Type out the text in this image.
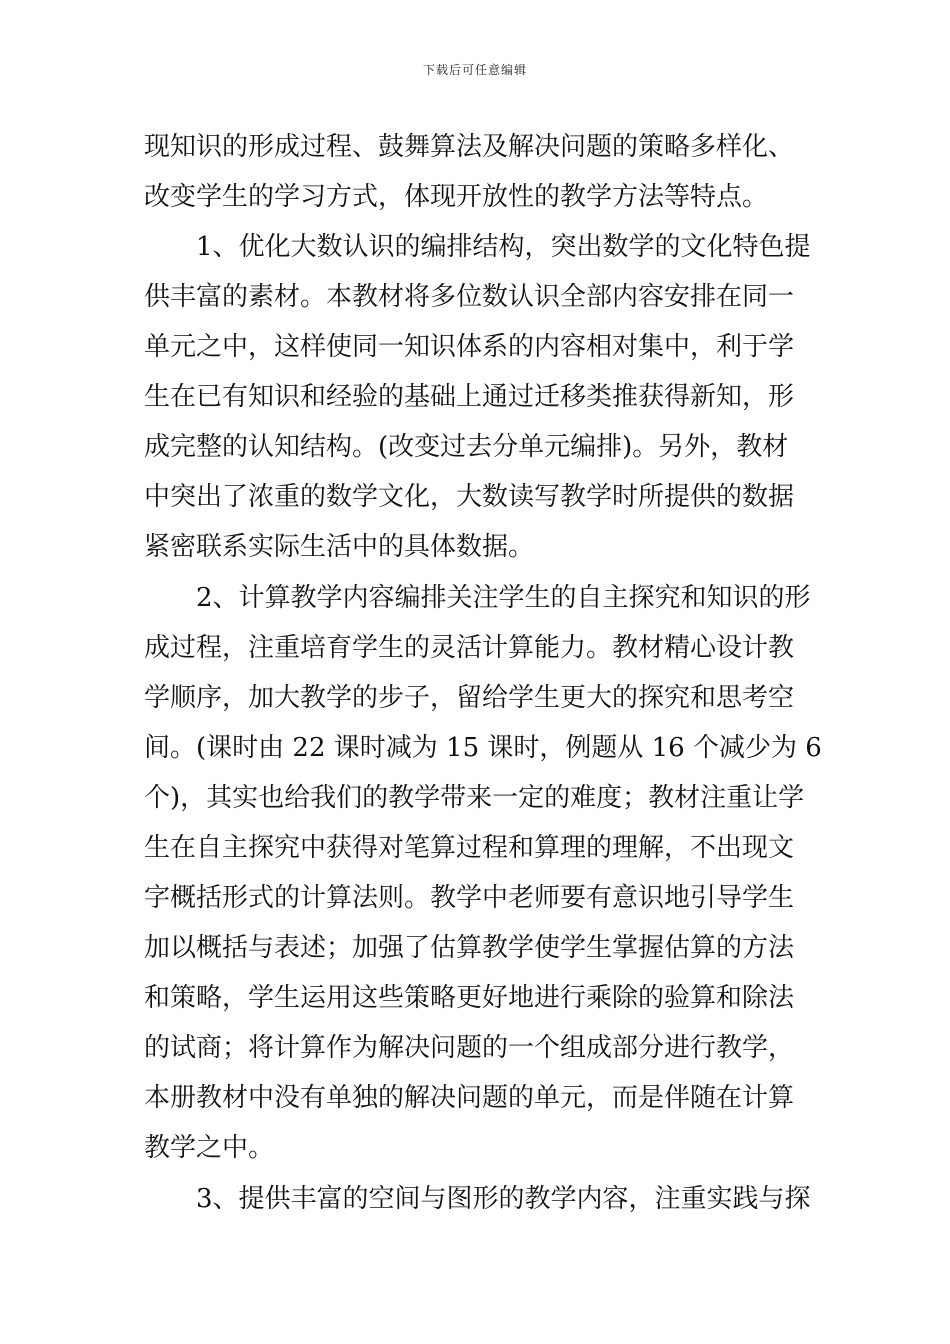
下载后可任意编辑
现知识的形成过程、鼓舞算法及解决问题的策略多样化、
改变学生的学习方式，体现开放性的教学方法等特点。
1、优化大数认识的编排结构，突出数学的文化特色提
供丰富的素材。本教材将多位数认识全部内容安排在同一
单元之中，这样使同一知识体系的内容相对集中，利于学
生在已有知识和经验的基础上通过迁移类推获得新知，形
成完整的认知结构。(改变过去分单元编排)。另外，教材
中突出了浓重的数学文化，大数读写教学时所提供的数据
紧密联系实际生活中的具体数据。
2、计算教学内容编排关注学生的自主探究和知识的形
成过程，注重培育学生的灵活计算能力。教材精心设计教
学顺序，加大教学的步子，留给学生更大的探究和思考空
间。(课时由 22 课时减为 15 课时，例题从 16 个减少为 6
个)，其实也给我们的教学带来一定的难度；教材注重让学
生在自主探究中获得对笔算过程和算理的理解，不出现文
字概括形式的计算法则。教学中老师要有意识地引导学生
加以概括与表述；加强了估算教学使学生掌握估算的方法
和策略，学生运用这些策略更好地进行乘除的验算和除法
的试商；将计算作为解决问题的一个组成部分进行教学，
本册教材中没有单独的解决问题的单元，而是伴随在计算
教学之中。
3、提供丰富的空间与图形的教学内容，注重实践与探
